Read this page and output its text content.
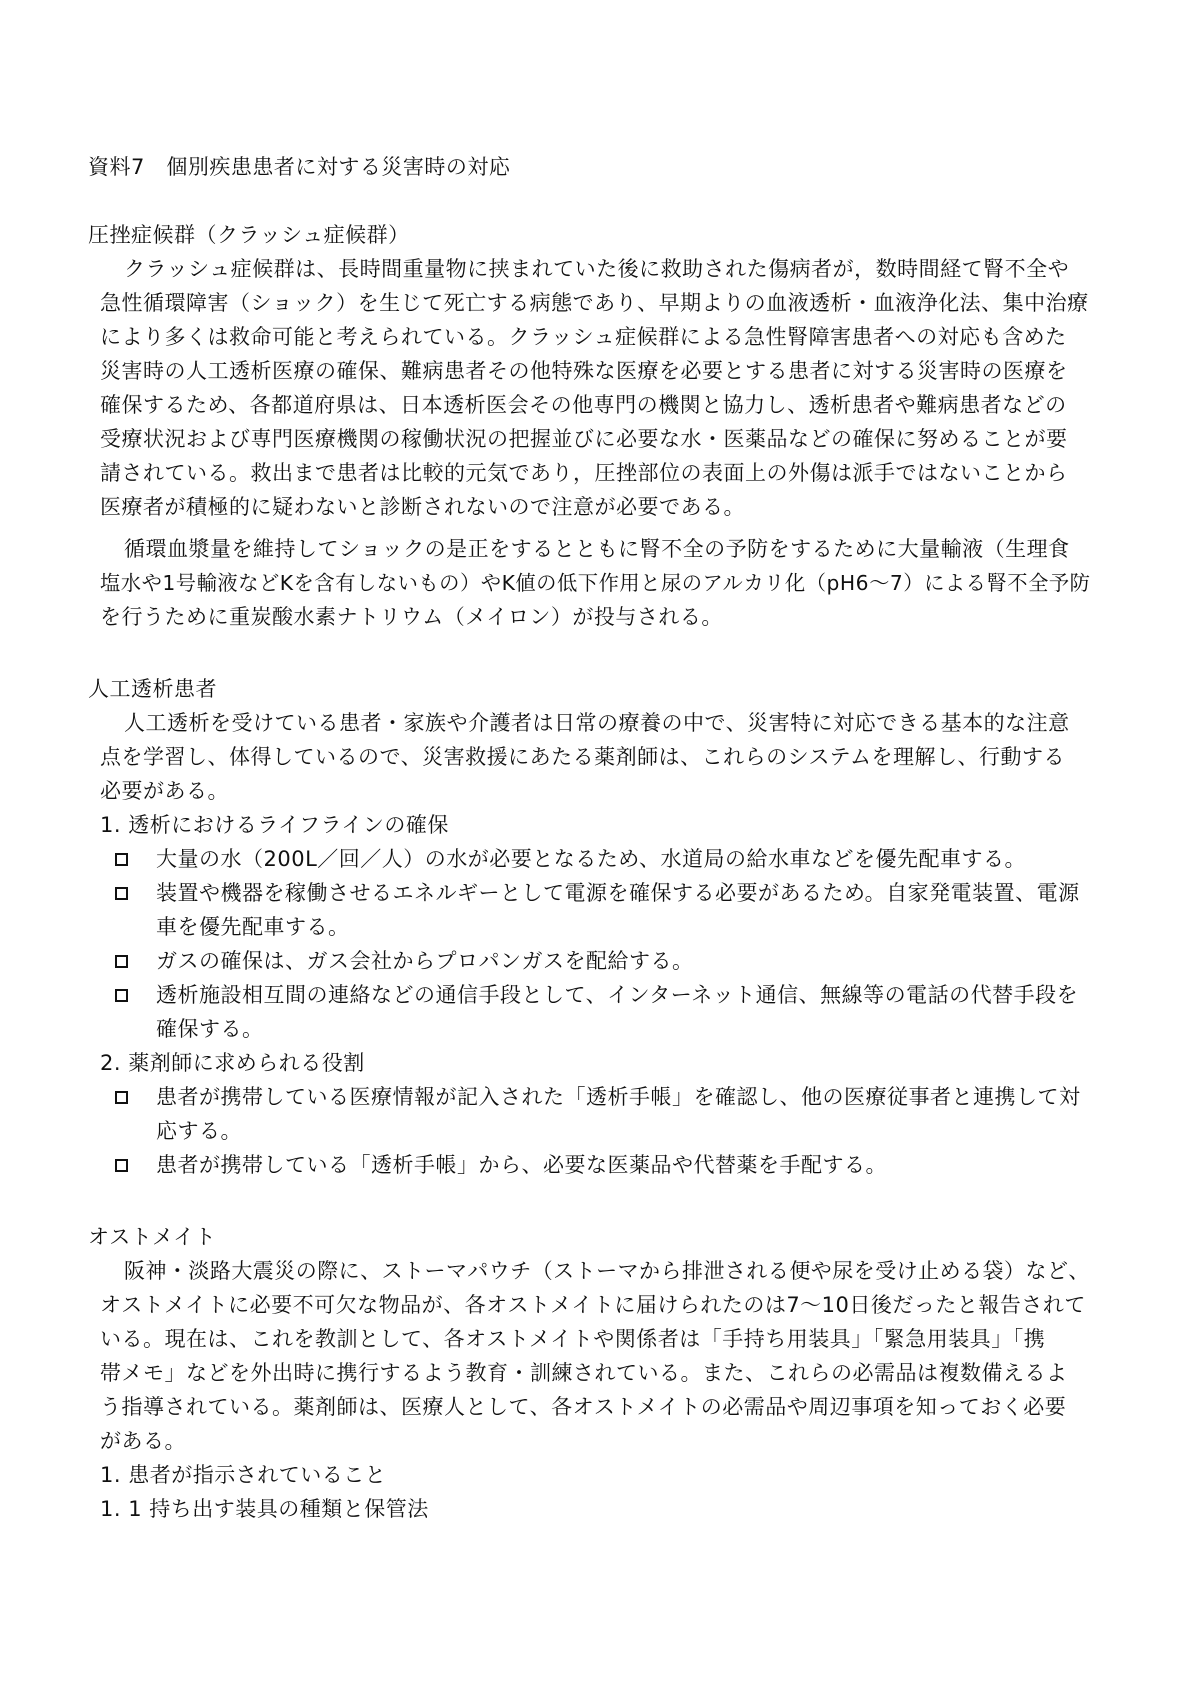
資料7　個別疾患患者に対する災害時の対応
圧挫症候群（クラッシュ症候群）
クラッシュ症候群は、長時間重量物に挟まれていた後に救助された傷病者が，数時間経て腎不全や
急性循環障害（ショック）を生じて死亡する病態であり、早期よりの血液透析・血液浄化法、集中治療
により多くは救命可能と考えられている。クラッシュ症候群による急性腎障害患者への対応も含めた
災害時の人工透析医療の確保、難病患者その他特殊な医療を必要とする患者に対する災害時の医療を
確保するため、各都道府県は、日本透析医会その他専門の機関と協力し、透析患者や難病患者などの
受療状況および専門医療機関の稼働状況の把握並びに必要な水・医薬品などの確保に努めることが要
請されている。救出まで患者は比較的元気であり，圧挫部位の表面上の外傷は派手ではないことから
医療者が積極的に疑わないと診断されないので注意が必要である。
循環血漿量を維持してショックの是正をするとともに腎不全の予防をするために大量輸液（生理食
塩水や1号輸液などKを含有しないもの）やK値の低下作用と尿のアルカリ化（pH6～7）による腎不全予防
を行うために重炭酸水素ナトリウム（メイロン）が投与される。
人工透析患者
人工透析を受けている患者・家族や介護者は日常の療養の中で、災害特に対応できる基本的な注意
点を学習し、体得しているので、災害救援にあたる薬剤師は、これらのシステムを理解し、行動する
必要がある。
1. 透析におけるライフラインの確保
大量の水（200L／回／人）の水が必要となるため、水道局の給水車などを優先配車する。
装置や機器を稼働させるエネルギーとして電源を確保する必要があるため。自家発電装置、電源
車を優先配車する。
ガスの確保は、ガス会社からプロパンガスを配給する。
透析施設相互間の連絡などの通信手段として、インターネット通信、無線等の電話の代替手段を
確保する。
2. 薬剤師に求められる役割
患者が携帯している医療情報が記入された「透析手帳」を確認し、他の医療従事者と連携して対
応する。
患者が携帯している「透析手帳」から、必要な医薬品や代替薬を手配する。
オストメイト
阪神・淡路大震災の際に、ストーマパウチ（ストーマから排泄される便や尿を受け止める袋）など、
オストメイトに必要不可欠な物品が、各オストメイトに届けられたのは7～10日後だったと報告されて
いる。現在は、これを教訓として、各オストメイトや関係者は「手持ち用装具」「緊急用装具」「携
帯メモ」などを外出時に携行するよう教育・訓練されている。また、これらの必需品は複数備えるよ
う指導されている。薬剤師は、医療人として、各オストメイトの必需品や周辺事項を知っておく必要
がある。
1. 患者が指示されていること
1. 1 持ち出す装具の種類と保管法
